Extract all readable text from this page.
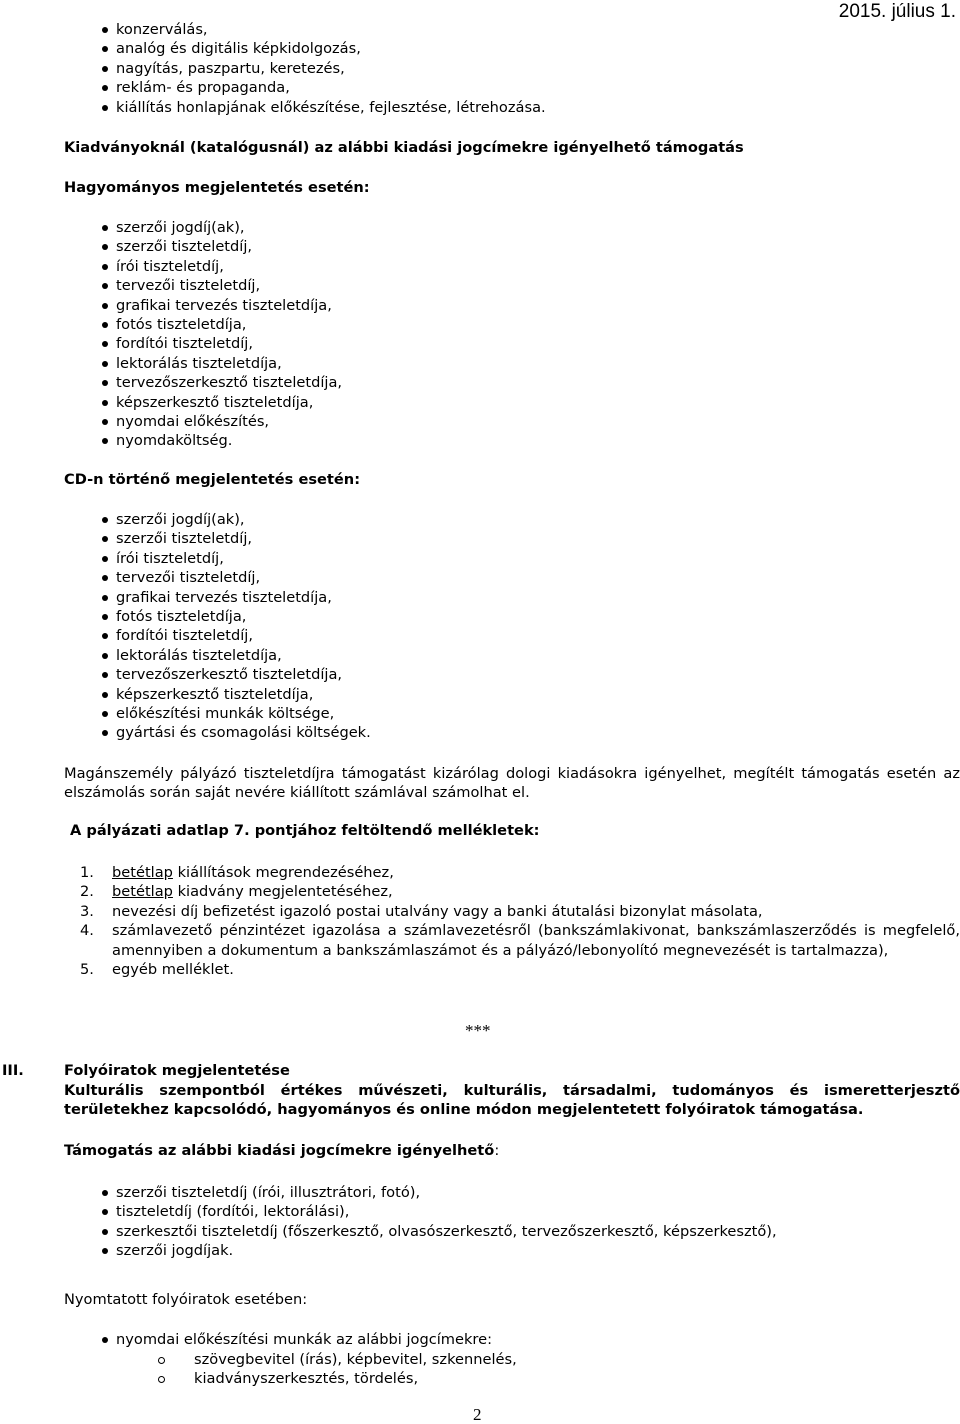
2015. július 1.
konzerválás,
analóg és digitális képkidolgozás,
nagyítás, paszpartu, keretezés,
reklám- és propaganda,
kiállítás honlapjának előkészítése, fejlesztése, létrehozása.
Kiadványoknál (katalógusnál) az alábbi kiadási jogcímekre igényelhető támogatás
Hagyományos megjelentetés esetén:
szerzői jogdíj(ak),
szerzői tiszteletdíj,
írói tiszteletdíj,
tervezői tiszteletdíj,
grafikai tervezés tiszteletdíja,
fotós tiszteletdíja,
fordítói tiszteletdíj,
lektorálás tiszteletdíja,
tervezőszerkesztő tiszteletdíja,
képszerkesztő tiszteletdíja,
nyomdai előkészítés,
nyomdaköltség.
CD-n történő megjelentetés esetén:
szerzői jogdíj(ak),
szerzői tiszteletdíj,
írói tiszteletdíj,
tervezői tiszteletdíj,
grafikai tervezés tiszteletdíja,
fotós tiszteletdíja,
fordítói tiszteletdíj,
lektorálás tiszteletdíja,
tervezőszerkesztő tiszteletdíja,
képszerkesztő tiszteletdíja,
előkészítési munkák költsége,
gyártási és csomagolási költségek.
Magánszemély pályázó tiszteletdíjra támogatást kizárólag dologi kiadásokra igényelhet, megítélt támogatás esetén az elszámolás során saját nevére kiállított számlával számolhat el.
A pályázati adatlap 7. pontjához feltöltendő mellékletek:
1. betétlap kiállítások megrendezéséhez,
2. betétlap kiadvány megjelentetéséhez,
3. nevezési díj befizetést igazoló postai utalvány vagy a banki átutalási bizonylat másolata,
4. számlavezető pénzintézet igazolása a számlavezetésről (bankszámlakivonat, bankszámlaszerződés is megfelelő, amennyiben a dokumentum a bankszámlaszámot és a pályázó/lebonyolító megnevezését is tartalmazza),
5. egyéb melléklet.
***
III.	Folyóiratok megjelentetése
Kulturális szempontból értékes művészeti, kulturális, társadalmi, tudományos és ismeretterjesztő területekhez kapcsolódó, hagyományos és online módon megjelentetett folyóiratok támogatása.
Támogatás az alábbi kiadási jogcímekre igényelhető:
szerzői tiszteletdíj (írói, illusztrátori, fotó),
tiszteletdíj (fordítói, lektorálási),
szerkesztői tiszteletdíj (főszerkesztő, olvasószerkesztő, tervezőszerkesztő, képszerkesztő),
szerzői jogdíjak.
Nyomtatott folyóiratok esetében:
nyomdai előkészítési munkák az alábbi jogcímekre:
szövegbevitel (írás), képbevitel, szkennelés,
kiadványszerkesztés, tördelés,
2
